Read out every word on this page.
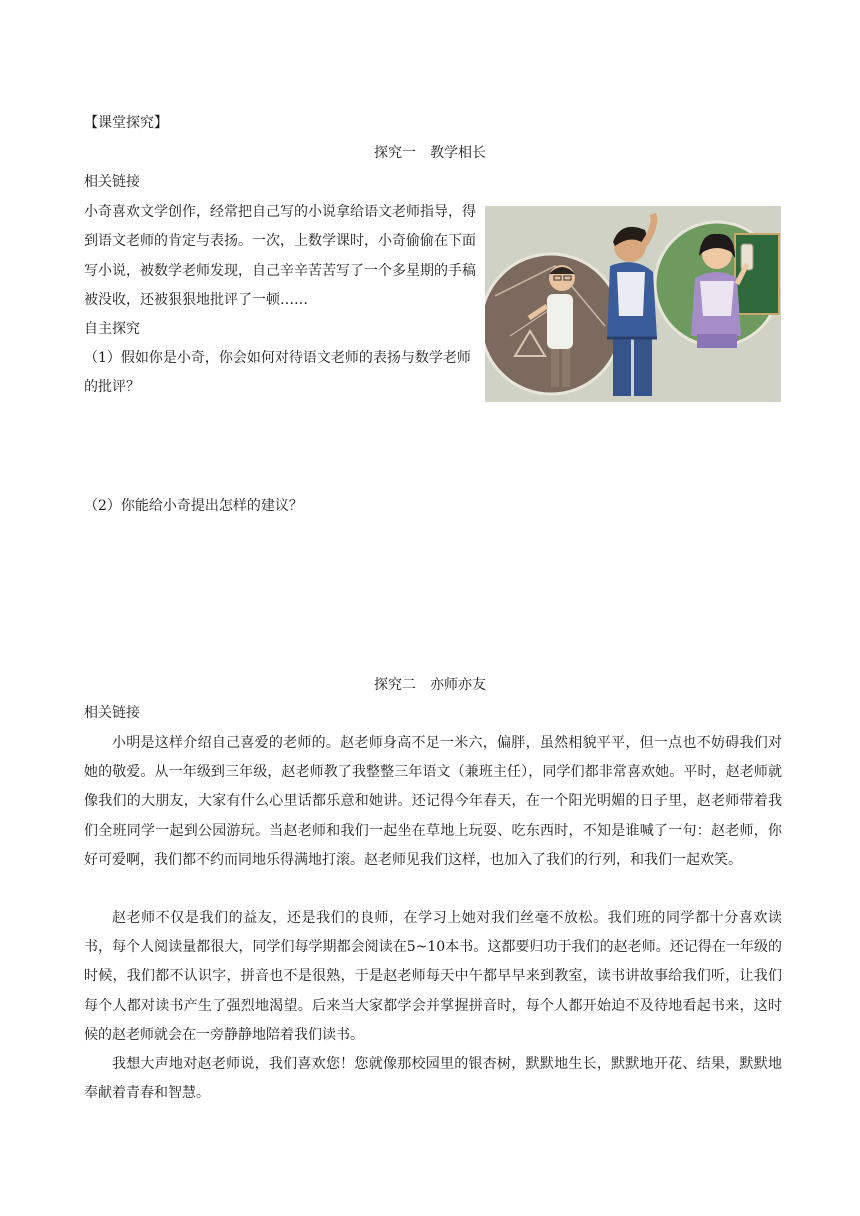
【课堂探究】
探究一　教学相长
相关链接

小奇喜欢文学创作，经常把自己写的小说拿给语文老师指导，得到语文老师的肯定与表扬。一次，上数学课时，小奇偷偷在下面写小说，被数学老师发现，自己辛辛苦苦写了一个多星期的手稿被没收，还被狠狠地批评了一顿……

自主探究

（1）假如你是小奇，你会如何对待语文老师的表扬与数学老师的批评？

（2）你能给小奇提出怎样的建议？
探究二　亦师亦友
相关链接

小明是这样介绍自己喜爱的老师的。赵老师身高不足一米六，偏胖，虽然相貌平平，但一点也不妨碍我们对她的敬爱。从一年级到三年级，赵老师教了我整整三年语文（兼班主任），同学们都非常喜欢她。平时，赵老师就像我们的大朋友，大家有什么心里话都乐意和她讲。还记得今年春天，在一个阳光明媚的日子里，赵老师带着我们全班同学一起到公园游玩。当赵老师和我们一起坐在草地上玩耍、吃东西时，不知是谁喊了一句：赵老师，你好可爱啊，我们都不约而同地乐得满地打滚。赵老师见我们这样，也加入了我们的行列，和我们一起欢笑。

赵老师不仅是我们的益友，还是我们的良师，在学习上她对我们丝毫不放松。我们班的同学都十分喜欢读书，每个人阅读量都很大，同学们每学期都会阅读在5~10本书。这都要归功于我们的赵老师。还记得在一年级的时候，我们都不认识字，拼音也不是很熟，于是赵老师每天中午都早早来到教室，读书讲故事给我们听，让我们每个人都对读书产生了强烈地渴望。后来当大家都学会并掌握拼音时，每个人都开始迫不及待地看起书来，这时候的赵老师就会在一旁静静地陪着我们读书。

我想大声地对赵老师说，我们喜欢您！您就像那校园里的银杏树，默默地生长，默默地开花、结果，默默地奉献着青春和智慧。
